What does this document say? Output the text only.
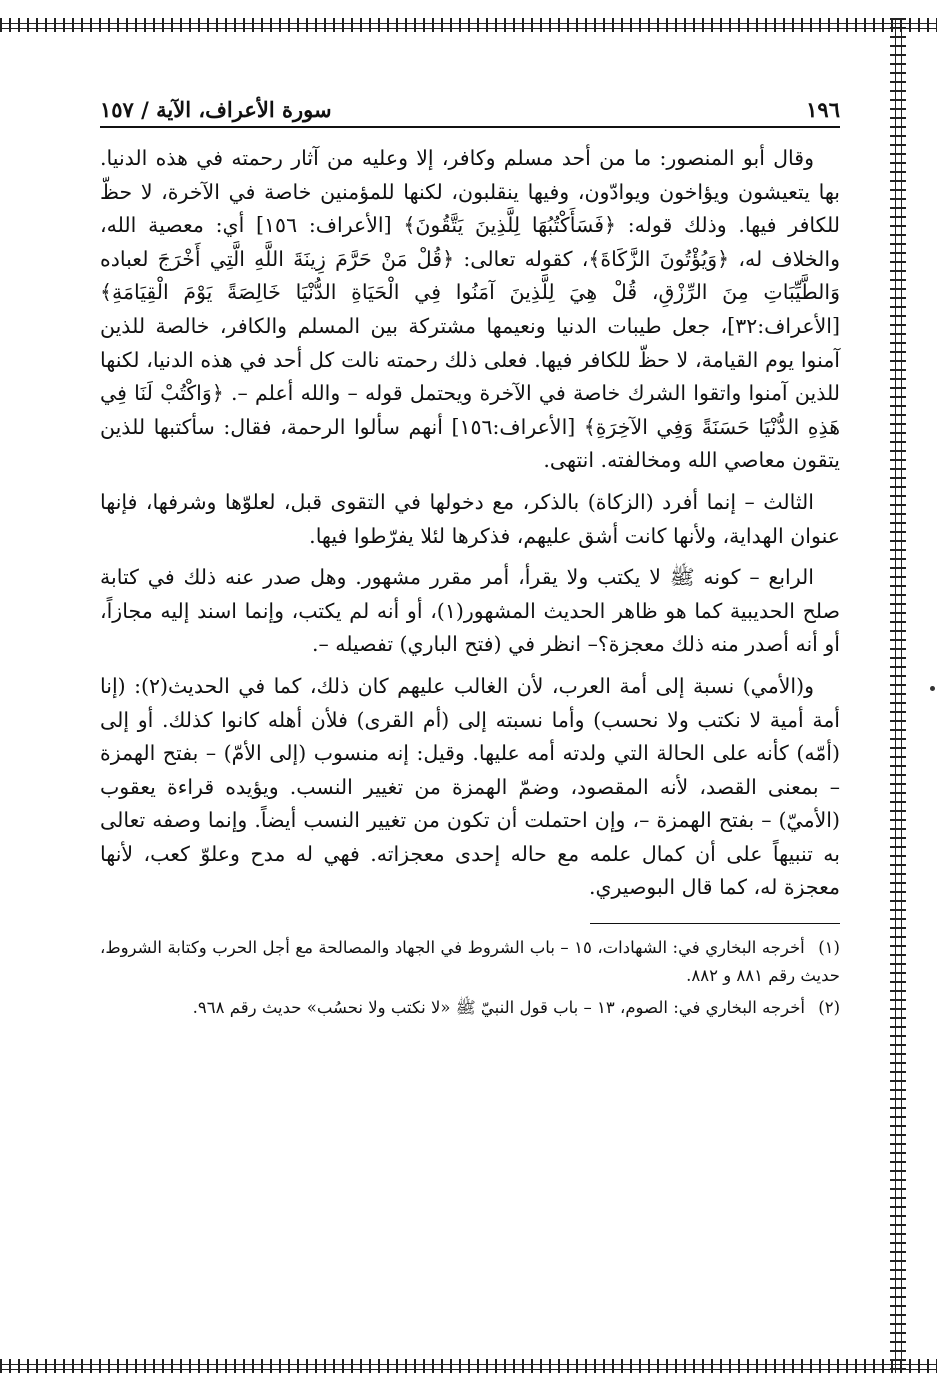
١٩٦
سورة الأعراف، الآية / ١٥٧

وقال أبو المنصور: ما من أحد مسلم وكافر، إلا وعليه من آثار رحمته في هذه الدنيا. بها يتعيشون ويؤاخون ويوادّون، وفيها ينقلبون، لكنها للمؤمنين خاصة في الآخرة، لا حظّ للكافر فيها. وذلك قوله: ﴿فَسَأَكْتُبُهَا لِلَّذِينَ يَتَّقُونَ﴾ [الأعراف: ١٥٦] أي: معصية الله، والخلاف له، ﴿وَيُؤْتُونَ الزَّكَاةَ﴾، كقوله تعالى: ﴿قُلْ مَنْ حَرَّمَ زِينَةَ اللَّهِ الَّتِي أَخْرَجَ لعباده وَالطَّيِّبَاتِ مِنَ الرِّزْقِ، قُلْ هِيَ لِلَّذِينَ آمَنُوا فِي الْحَيَاةِ الدُّنْيَا خَالِصَةً يَوْمَ الْقِيَامَةِ﴾ [الأعراف:٣٢]، جعل طيبات الدنيا ونعيمها مشتركة بين المسلم والكافر، خالصة للذين آمنوا يوم القيامة، لا حظّ للكافر فيها. فعلى ذلك رحمته نالت كل أحد في هذه الدنيا، لكنها للذين آمنوا واتقوا الشرك خاصة في الآخرة ويحتمل قوله – والله أعلم –. ﴿وَاكْتُبْ لَنَا فِي هَذِهِ الدُّنْيَا حَسَنَةً وَفِي الآخِرَةِ﴾ [الأعراف:١٥٦] أنهم سألوا الرحمة، فقال: سأكتبها للذين يتقون معاصي الله ومخالفته. انتهى.

الثالث – إنما أفرد (الزكاة) بالذكر، مع دخولها في التقوى قبل، لعلوّها وشرفها، فإنها عنوان الهداية، ولأنها كانت أشق عليهم، فذكرها لئلا يفرّطوا فيها.

الرابع – كونه ﷺ لا يكتب ولا يقرأ، أمر مقرر مشهور. وهل صدر عنه ذلك في كتابة صلح الحديبية كما هو ظاهر الحديث المشهور(١)، أو أنه لم يكتب، وإنما اسند إليه مجازاً، أو أنه أصدر منه ذلك معجزة؟– انظر في (فتح الباري) تفصيله –.

و(الأمي) نسبة إلى أمة العرب، لأن الغالب عليهم كان ذلك، كما في الحديث(٢): (إنا أمة أمية لا نكتب ولا نحسب) وأما نسبته إلى (أم القرى) فلأن أهله كانوا كذلك. أو إلى (أمّه) كأنه على الحالة التي ولدته أمه عليها. وقيل: إنه منسوب (إلى الأمّ) – بفتح الهمزة – بمعنى القصد، لأنه المقصود، وضمّ الهمزة من تغيير النسب. ويؤيده قراءة يعقوب (الأميّ) – بفتح الهمزة –، وإن احتملت أن تكون من تغيير النسب أيضاً. وإنما وصفه تعالى به تنبيهاً على أن كمال علمه مع حاله إحدى معجزاته. فهي له مدح وعلوّ كعب، لأنها معجزة له، كما قال البوصيري.

(١) أخرجه البخاري في: الشهادات، ١٥ – باب الشروط في الجهاد والمصالحة مع أجل الحرب وكتابة الشروط، حديث رقم ٨٨١ و ٨٨٢.

(٢) أخرجه البخاري في: الصوم، ١٣ – باب قول النبيّ ﷺ «لا نكتب ولا نحسُب» حديث رقم ٩٦٨.
